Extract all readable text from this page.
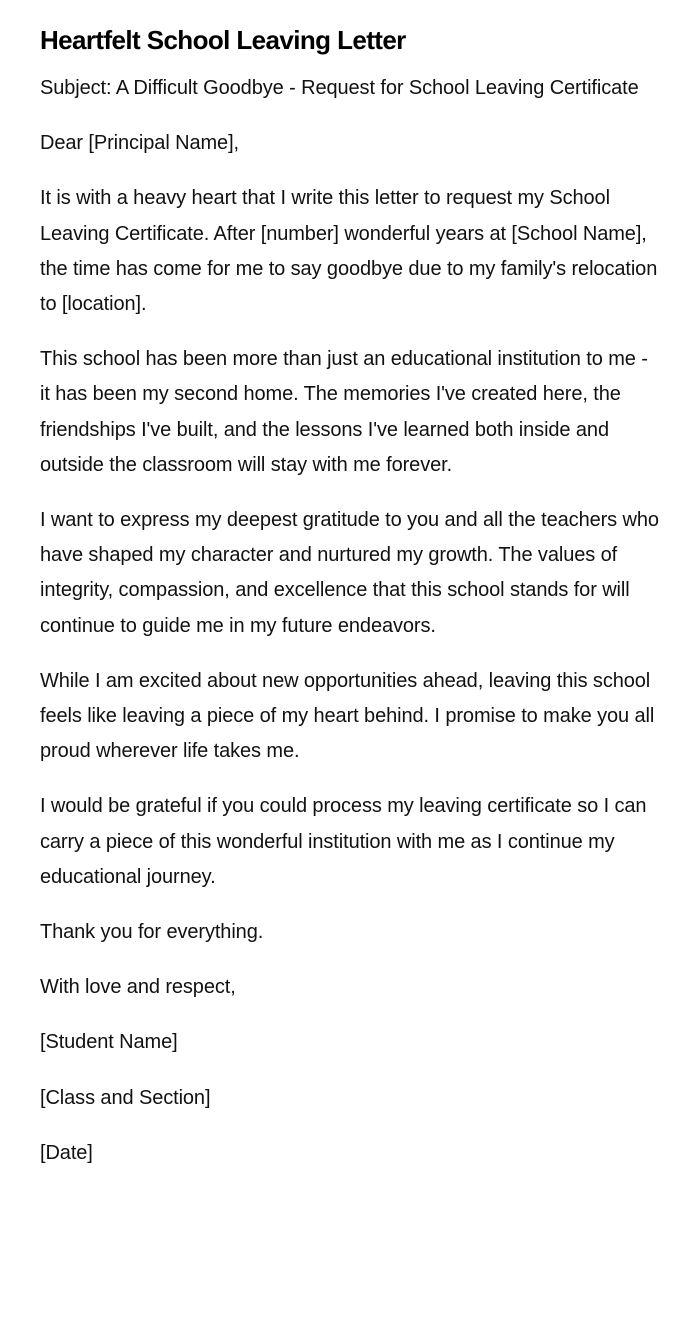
Heartfelt School Leaving Letter

Subject: A Difficult Goodbye - Request for School Leaving Certificate

Dear [Principal Name],

It is with a heavy heart that I write this letter to request my School Leaving Certificate. After [number] wonderful years at [School Name], the time has come for me to say goodbye due to my family's relocation to [location].

This school has been more than just an educational institution to me - it has been my second home. The memories I've created here, the friendships I've built, and the lessons I've learned both inside and outside the classroom will stay with me forever.

I want to express my deepest gratitude to you and all the teachers who have shaped my character and nurtured my growth. The values of integrity, compassion, and excellence that this school stands for will continue to guide me in my future endeavors.

While I am excited about new opportunities ahead, leaving this school feels like leaving a piece of my heart behind. I promise to make you all proud wherever life takes me.

I would be grateful if you could process my leaving certificate so I can carry a piece of this wonderful institution with me as I continue my educational journey.

Thank you for everything.

With love and respect,

[Student Name]

[Class and Section]

[Date]
